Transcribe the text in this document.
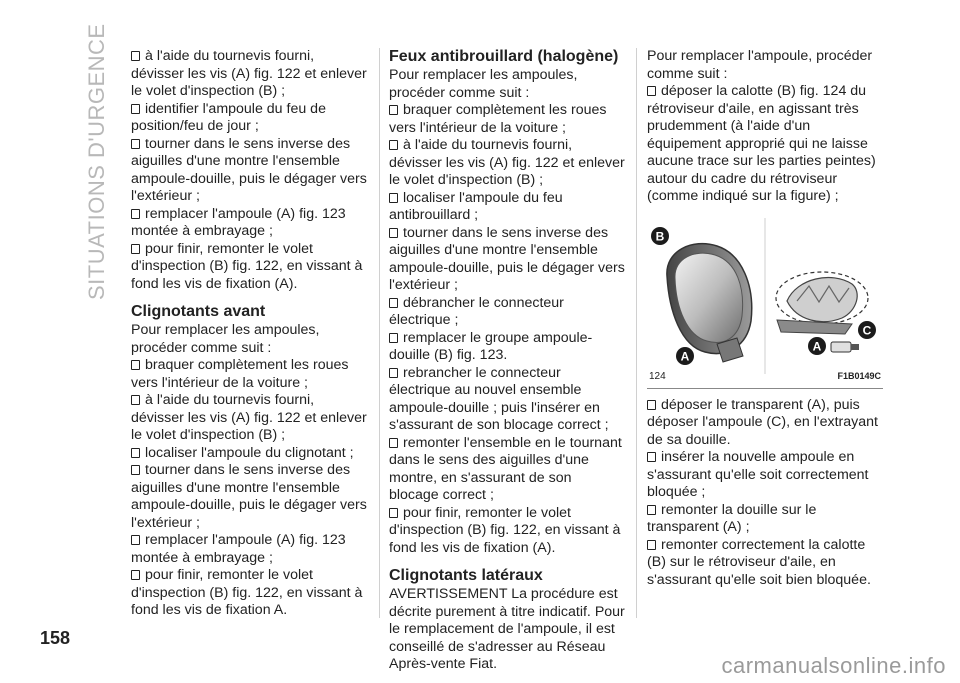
SITUATIONS D'URGENCE
158

à l'aide du tournevis fourni, dévisser les vis (A) fig. 122 et enlever le volet d'inspection (B) ;

identifier l'ampoule du feu de position/feu de jour ;

tourner dans le sens inverse des aiguilles d'une montre l'ensemble ampoule-douille, puis le dégager vers l'extérieur ;

remplacer l'ampoule (A) fig. 123 montée à embrayage ;

pour finir, remonter le volet d'inspection (B) fig. 122, en vissant à fond les vis de fixation (A).

Clignotants avant

Pour remplacer les ampoules, procéder comme suit :

braquer complètement les roues vers l'intérieur de la voiture ;

à l'aide du tournevis fourni, dévisser les vis (A) fig. 122 et enlever le volet d'inspection (B) ;

localiser l'ampoule du clignotant ;

tourner dans le sens inverse des aiguilles d'une montre l'ensemble ampoule-douille, puis le dégager vers l'extérieur ;

remplacer l'ampoule (A) fig. 123 montée à embrayage ;

pour finir, remonter le volet d'inspection (B) fig. 122, en vissant à fond les vis de fixation A.

Feux antibrouillard (halogène)

Pour remplacer les ampoules, procéder comme suit :

braquer complètement les roues vers l'intérieur de la voiture ;

à l'aide du tournevis fourni, dévisser les vis (A) fig. 122 et enlever le volet d'inspection (B) ;

localiser l'ampoule du feu antibrouillard ;

tourner dans le sens inverse des aiguilles d'une montre l'ensemble ampoule-douille, puis le dégager vers l'extérieur ;

débrancher le connecteur électrique ;

remplacer le groupe ampoule-douille (B) fig. 123.

rebrancher le connecteur électrique au nouvel ensemble ampoule-douille ; puis l'insérer en s'assurant de son blocage correct ;

remonter l'ensemble en le tournant dans le sens des aiguilles d'une montre, en s'assurant de son blocage correct ;

pour finir, remonter le volet d'inspection (B) fig. 122, en vissant à fond les vis de fixation (A).

Clignotants latéraux

AVERTISSEMENT La procédure est décrite purement à titre indicatif. Pour le remplacement de l'ampoule, il est conseillé de s'adresser au Réseau Après-vente Fiat.

Pour remplacer l'ampoule, procéder comme suit :

déposer la calotte (B) fig. 124 du rétroviseur d'aile, en agissant très prudemment (à l'aide d'un équipement approprié qui ne laisse aucune trace sur les parties peintes) autour du cadre du rétroviseur (comme indiqué sur la figure) ;

B
A
C
A
124	F1B0149C

déposer le transparent (A), puis déposer l'ampoule (C), en l'extrayant de sa douille.

insérer la nouvelle ampoule en s'assurant qu'elle soit correctement bloquée ;

remonter la douille sur le transparent (A) ;

remonter correctement la calotte (B) sur le rétroviseur d'aile, en s'assurant qu'elle soit bien bloquée.

carmanualsonline.info
